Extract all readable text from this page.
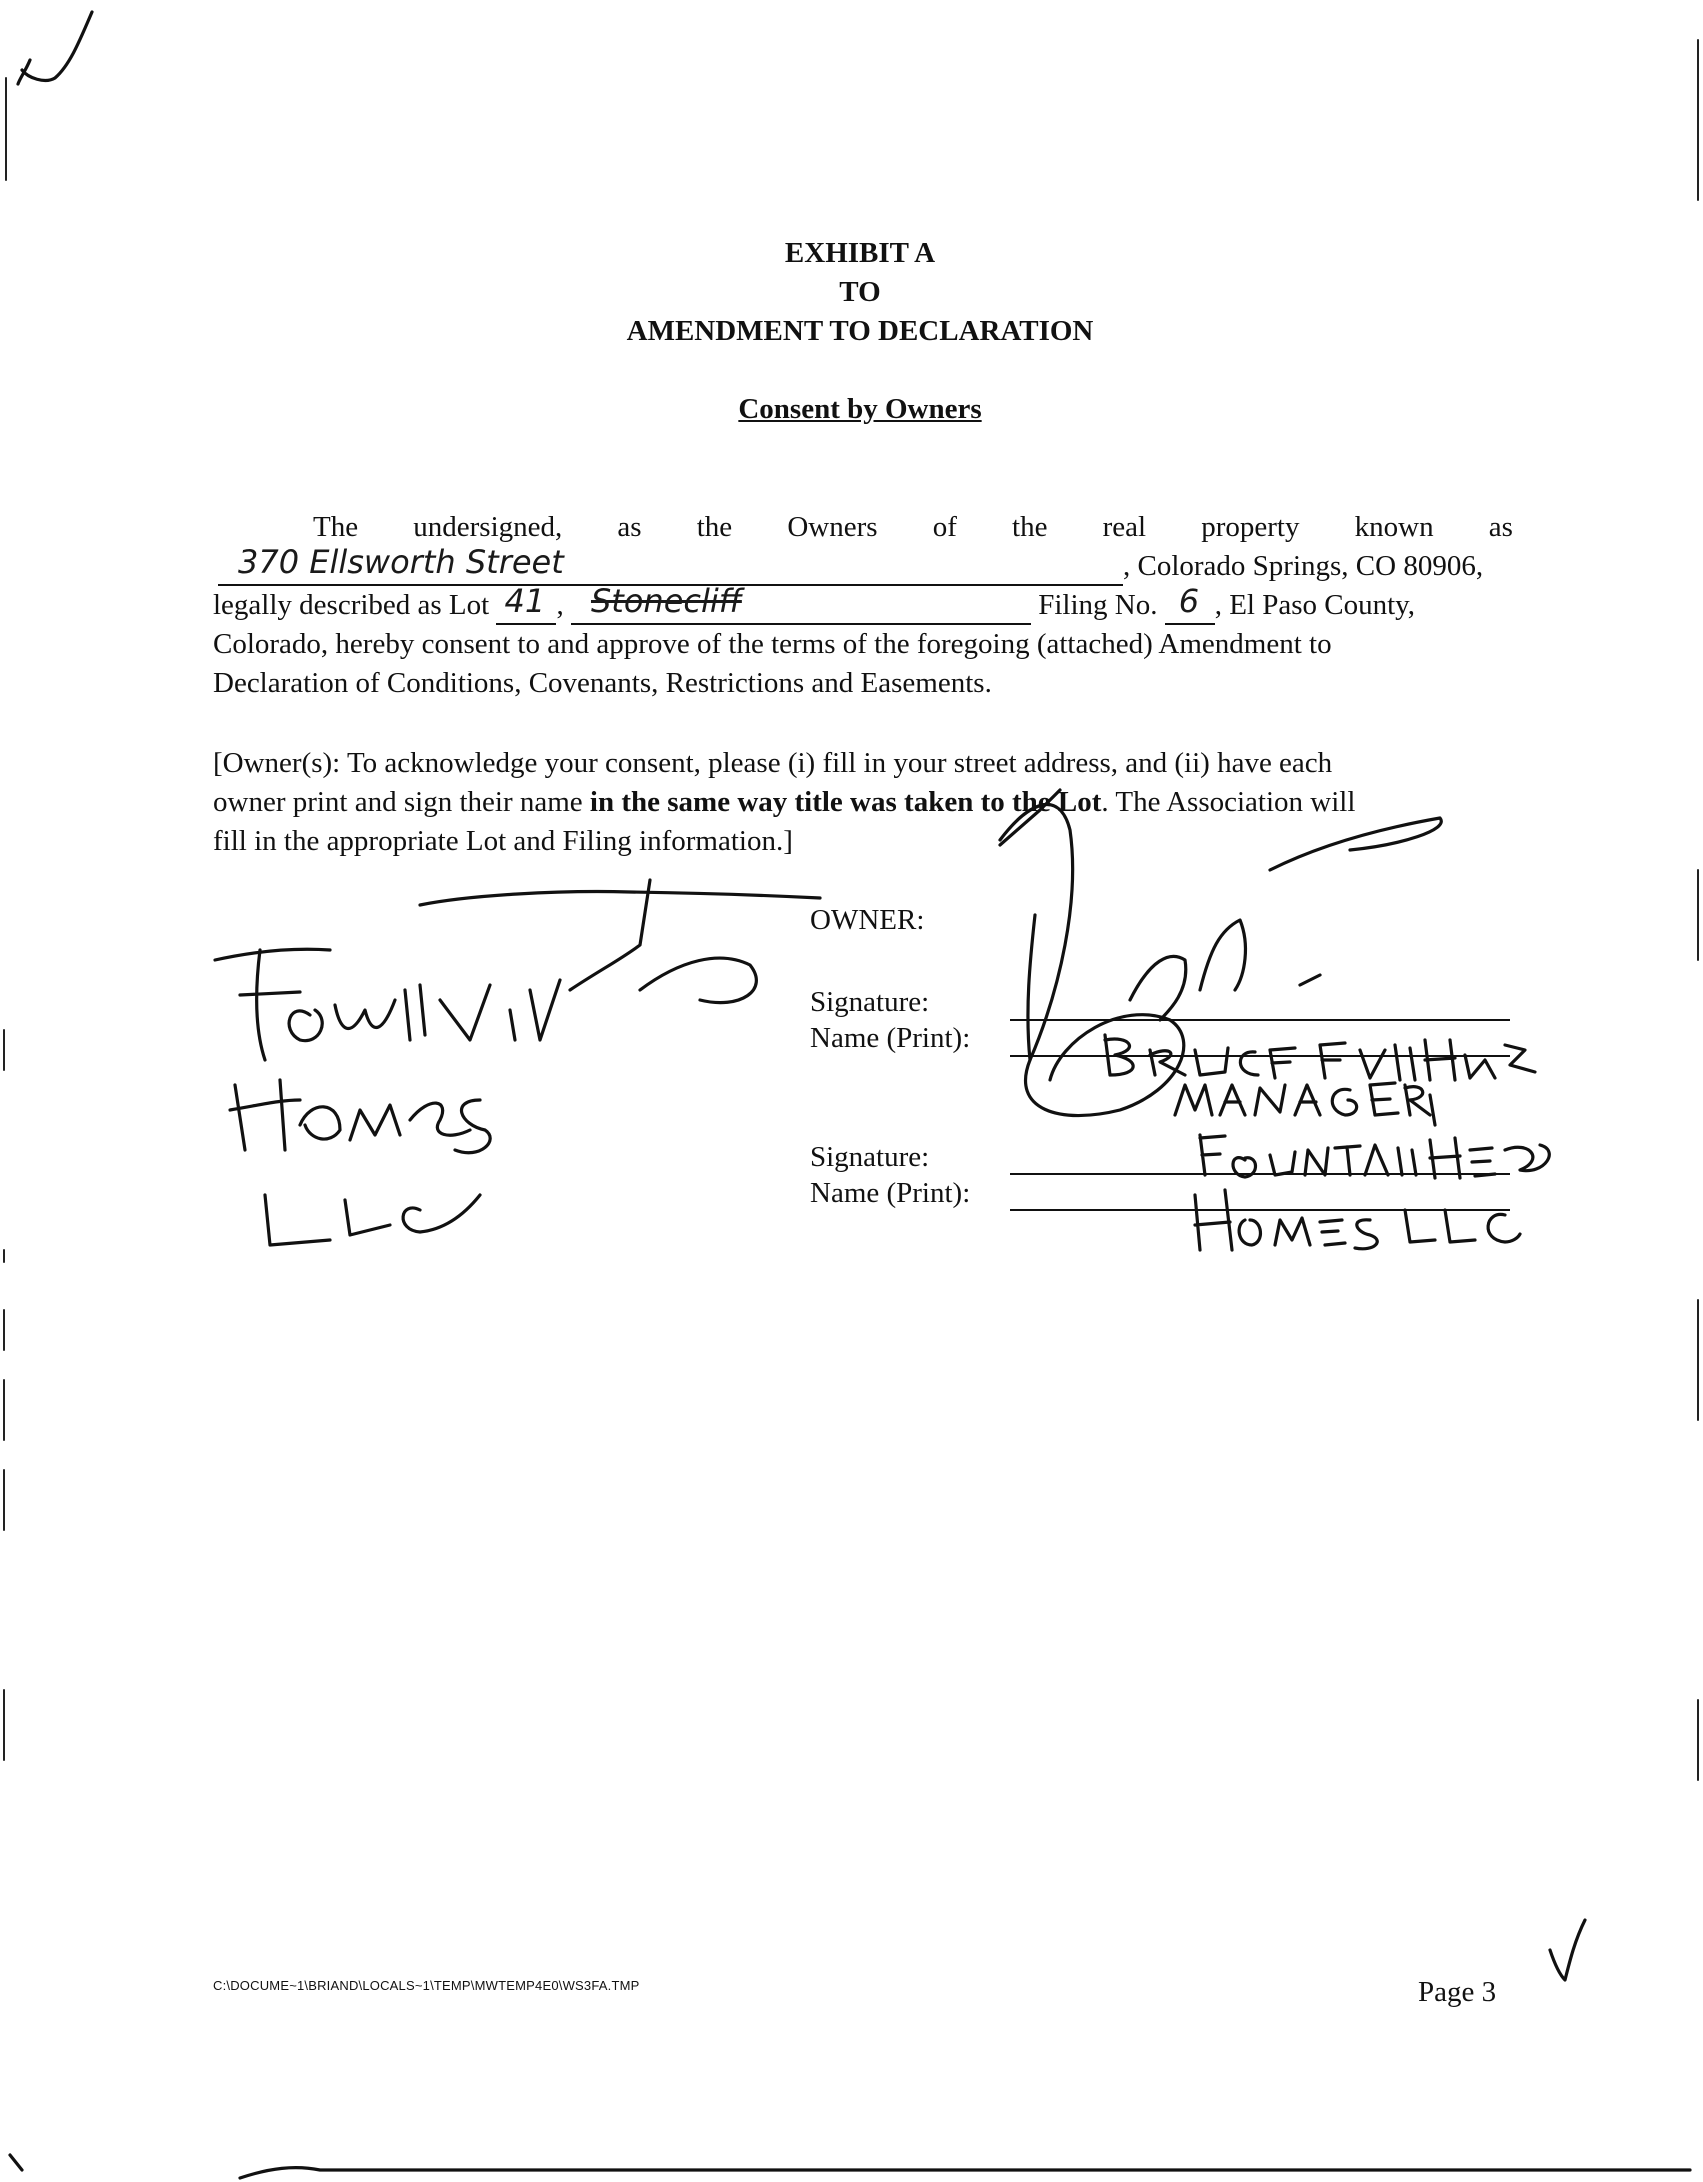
EXHIBIT A
TO
AMENDMENT TO DECLARATION
Consent by Owners
The undersigned, as the Owners of the real property known as
370 Ellsworth Street	, Colorado Springs, CO 80906,
legally described as Lot 41 , Stonecliff	Filing No. 6 , El Paso County,
Colorado, hereby consent to and approve of the terms of the foregoing (attached) Amendment to
Declaration of Conditions, Covenants, Restrictions and Easements.
[Owner(s): To acknowledge your consent, please (i) fill in your street address, and (ii) have each
owner print and sign their name in the same way title was taken to the Lot. The Association will
fill in the appropriate Lot and Filing information.]
OWNER:
Signature:
Name (Print):
Signature:
Name (Print):
C:\DOCUME~1\BRIAND\LOCALS~1\TEMP\MWTEMP4E0\WS3FA.TMP	Page 3
